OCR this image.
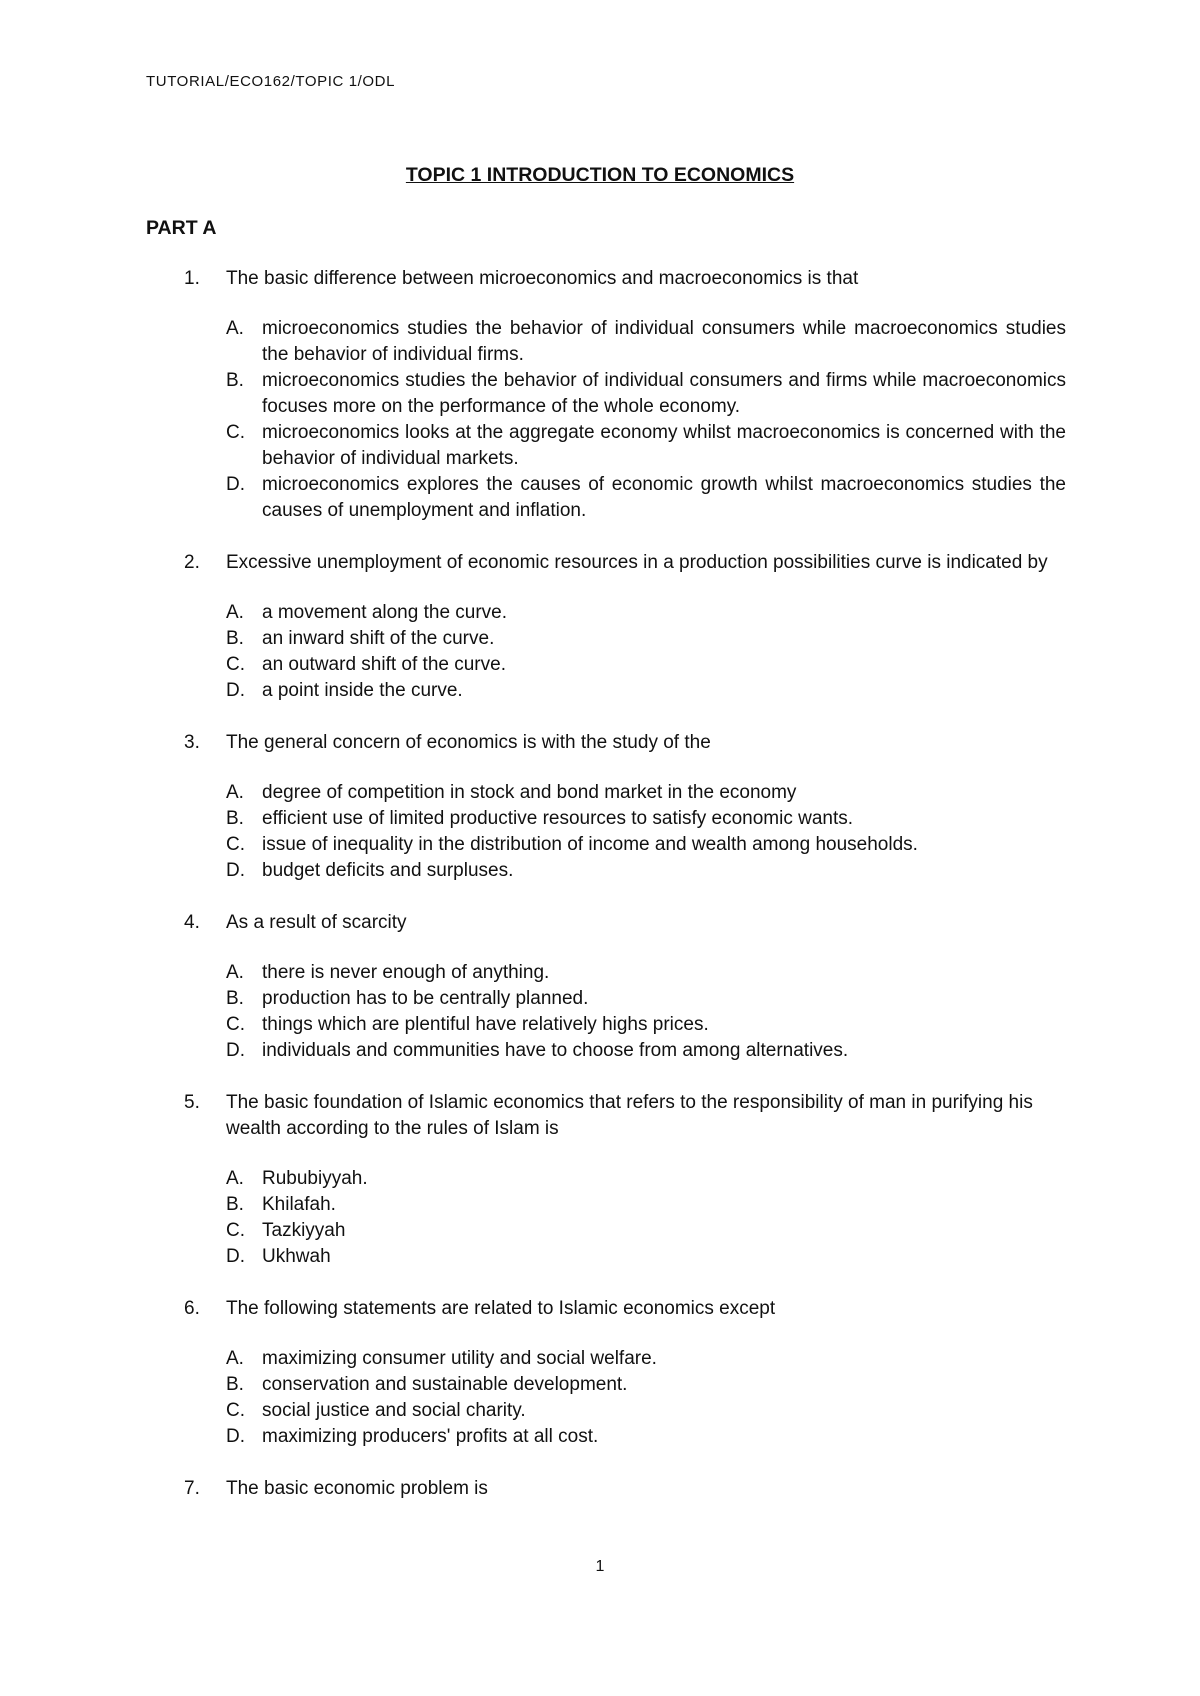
TUTORIAL/ECO162/TOPIC 1/ODL
TOPIC 1 INTRODUCTION TO ECONOMICS
PART A
1.	The basic difference between microeconomics and macroeconomics is that
A. microeconomics studies the behavior of individual consumers while macroeconomics studies the behavior of individual firms.
B. microeconomics studies the behavior of individual consumers and firms while macroeconomics focuses more on the performance of the whole economy.
C. microeconomics looks at the aggregate economy whilst macroeconomics is concerned with the behavior of individual markets.
D. microeconomics explores the causes of economic growth whilst macroeconomics studies the causes of unemployment and inflation.
2.	Excessive unemployment of economic resources in a production possibilities curve is indicated by
A. a movement along the curve.
B. an inward shift of the curve.
C. an outward shift of the curve.
D. a point inside the curve.
3.	The general concern of economics is with the study of the
A. degree of competition in stock and bond market in the economy
B. efficient use of limited productive resources to satisfy economic wants.
C. issue of inequality in the distribution of income and wealth among households.
D. budget deficits and surpluses.
4.	As a result of scarcity
A. there is never enough of anything.
B. production has to be centrally planned.
C. things which are plentiful have relatively highs prices.
D. individuals and communities have to choose from among alternatives.
5.	The basic foundation of Islamic economics that refers to the responsibility of man in purifying his wealth according to the rules of Islam is
A. Rububiyyah.
B. Khilafah.
C. Tazkiyyah
D. Ukhwah
6.	The following statements are related to Islamic economics except
A. maximizing consumer utility and social welfare.
B. conservation and sustainable development.
C. social justice and social charity.
D. maximizing producers' profits at all cost.
7.	The basic economic problem is
1
